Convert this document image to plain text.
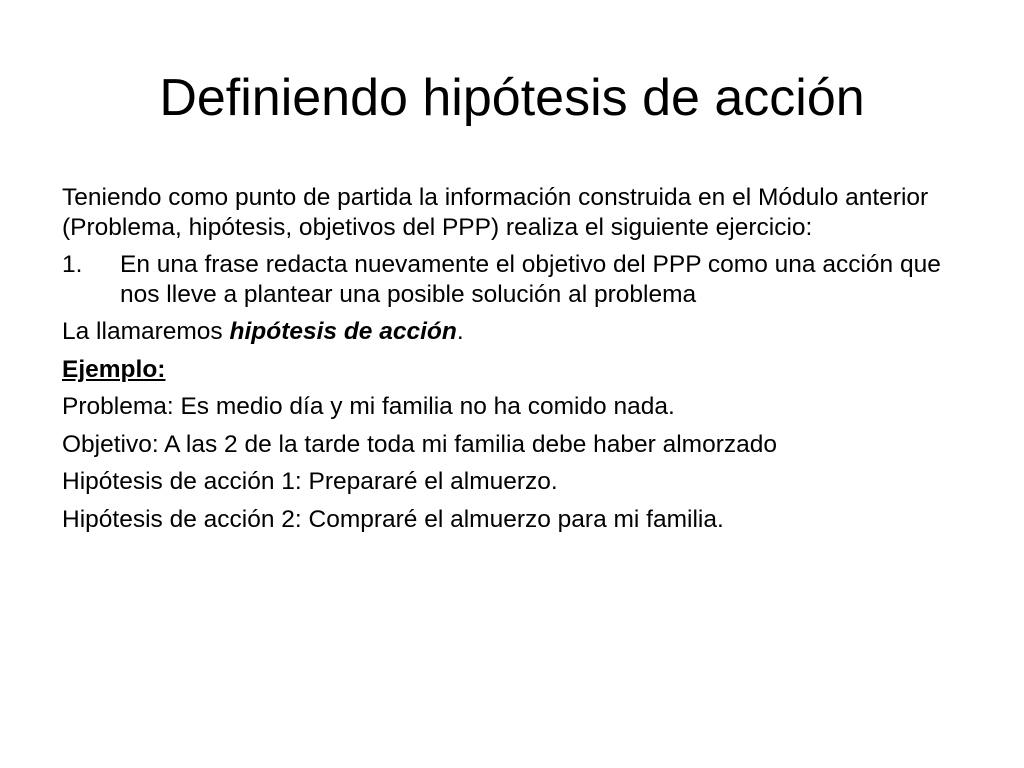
Definiendo hipótesis de acción

Teniendo como punto de partida la información construida en el Módulo anterior (Problema, hipótesis, objetivos del PPP) realiza el siguiente ejercicio:

1.	En una frase redacta nuevamente el objetivo del PPP como una acción que nos lleve a plantear una posible solución al problema

La llamaremos hipótesis de acción.

Ejemplo:

Problema: Es medio día y mi familia no ha comido nada.

Objetivo: A las 2 de la tarde toda mi familia debe haber almorzado

Hipótesis de acción 1: Prepararé el almuerzo.

Hipótesis de acción 2: Compraré el almuerzo para mi familia.
